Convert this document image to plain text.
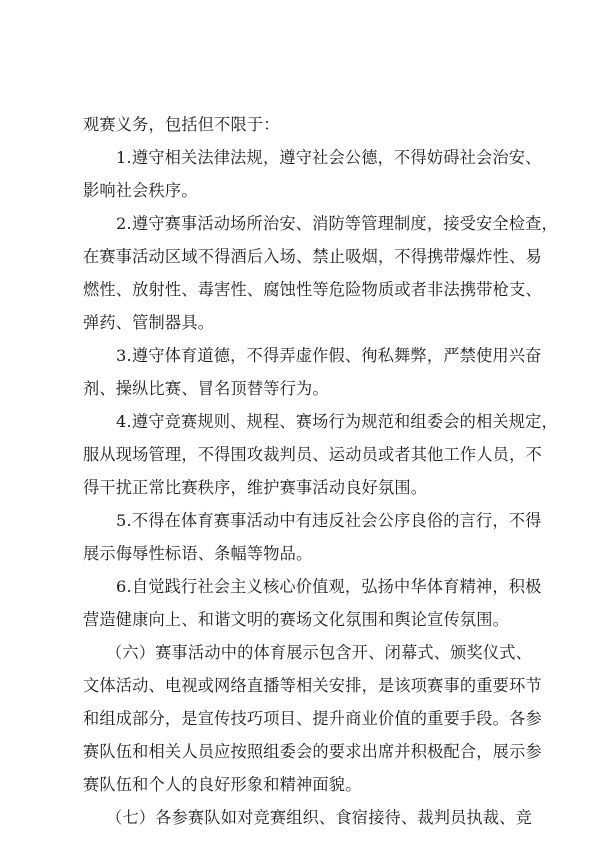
观赛义务，包括但不限于：
1.遵守相关法律法规，遵守社会公德，不得妨碍社会治安、
影响社会秩序。
2.遵守赛事活动场所治安、消防等管理制度，接受安全检查，
在赛事活动区域不得酒后入场、禁止吸烟，不得携带爆炸性、易
燃性、放射性、毒害性、腐蚀性等危险物质或者非法携带枪支、
弹药、管制器具。
3.遵守体育道德，不得弄虚作假、徇私舞弊，严禁使用兴奋
剂、操纵比赛、冒名顶替等行为。
4.遵守竞赛规则、规程、赛场行为规范和组委会的相关规定，
服从现场管理，不得围攻裁判员、运动员或者其他工作人员，不
得干扰正常比赛秩序，维护赛事活动良好氛围。
5.不得在体育赛事活动中有违反社会公序良俗的言行，不得
展示侮辱性标语、条幅等物品。
6.自觉践行社会主义核心价值观，弘扬中华体育精神，积极
营造健康向上、和谐文明的赛场文化氛围和舆论宣传氛围。
（六）赛事活动中的体育展示包含开、闭幕式、颁奖仪式、
文体活动、电视或网络直播等相关安排，是该项赛事的重要环节
和组成部分，是宣传技巧项目、提升商业价值的重要手段。各参
赛队伍和相关人员应按照组委会的要求出席并积极配合，展示参
赛队伍和个人的良好形象和精神面貌。
（七）各参赛队如对竞赛组织、食宿接待、裁判员执裁、竞
